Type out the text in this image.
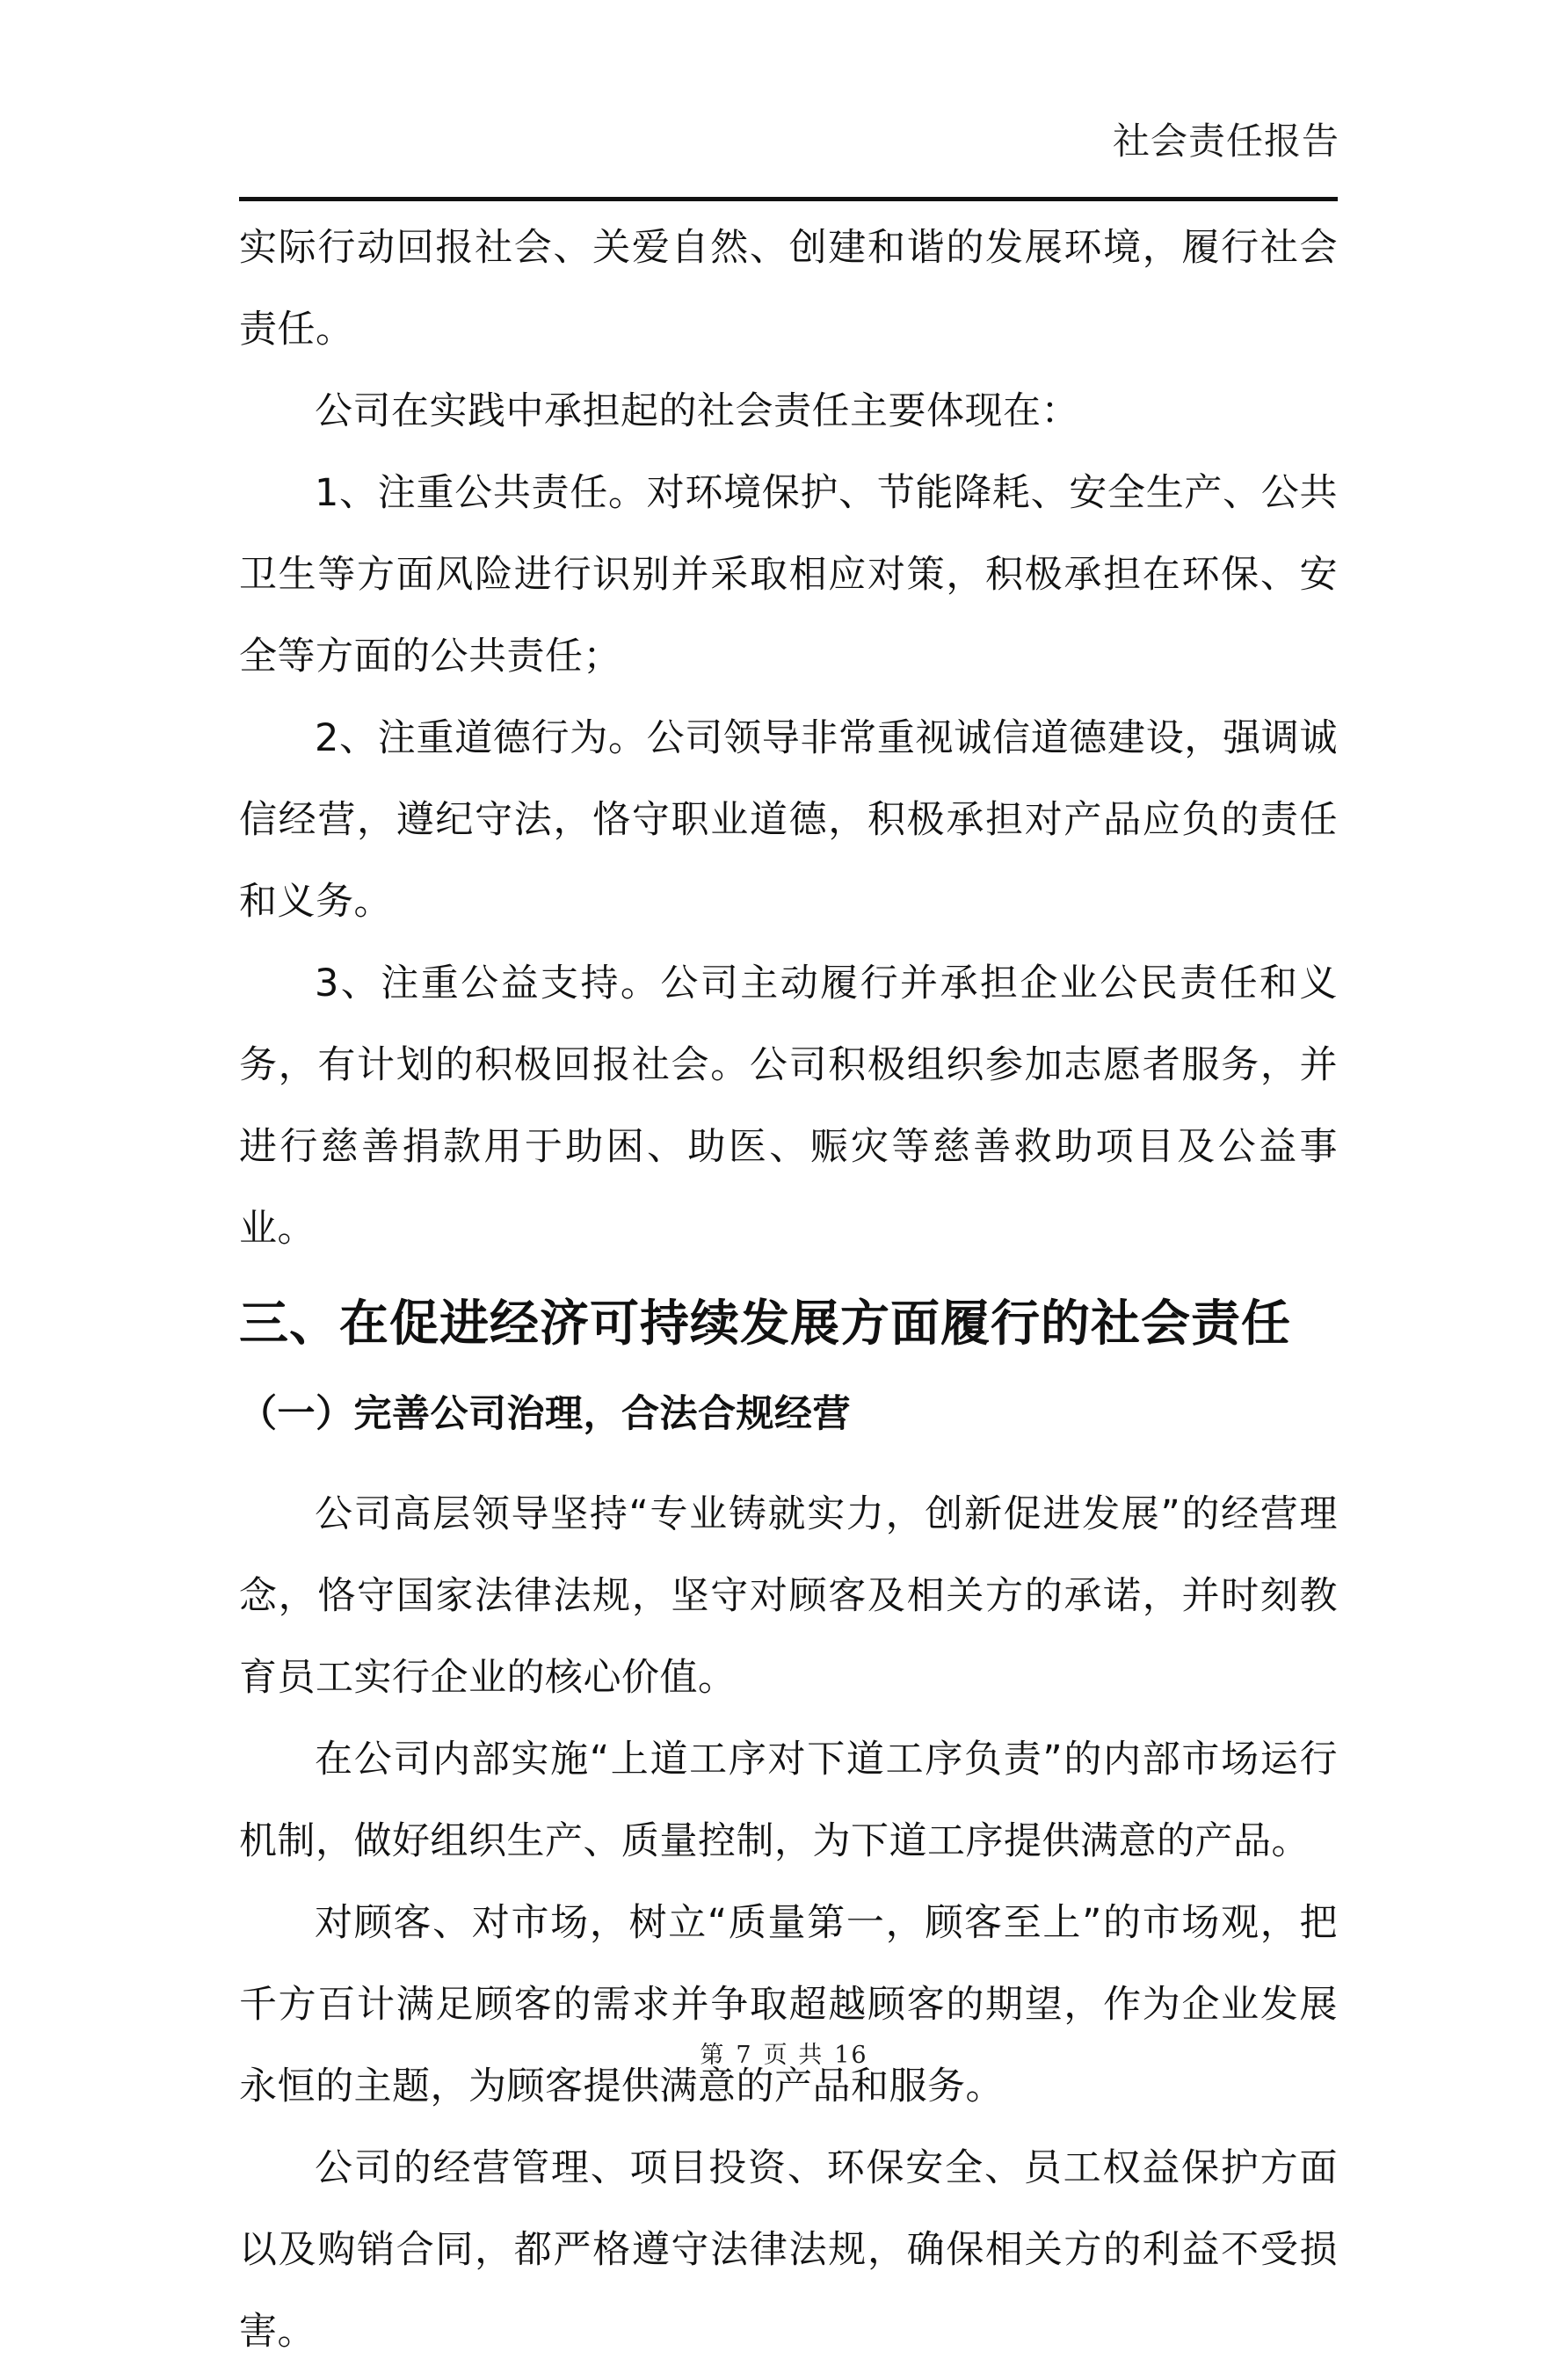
社会责任报告

实际行动回报社会、关爱自然、创建和谐的发展环境，履行社会责任。

公司在实践中承担起的社会责任主要体现在：

1、注重公共责任。对环境保护、节能降耗、安全生产、公共卫生等方面风险进行识别并采取相应对策，积极承担在环保、安全等方面的公共责任；

2、注重道德行为。公司领导非常重视诚信道德建设，强调诚信经营，遵纪守法，恪守职业道德，积极承担对产品应负的责任和义务。

3、注重公益支持。公司主动履行并承担企业公民责任和义务，有计划的积极回报社会。公司积极组织参加志愿者服务，并进行慈善捐款用于助困、助医、赈灾等慈善救助项目及公益事业。

三、在促进经济可持续发展方面履行的社会责任
（一）完善公司治理，合法合规经营

公司高层领导坚持“专业铸就实力，创新促进发展”的经营理念，恪守国家法律法规，坚守对顾客及相关方的承诺，并时刻教育员工实行企业的核心价值。

在公司内部实施“上道工序对下道工序负责”的内部市场运行机制，做好组织生产、质量控制，为下道工序提供满意的产品。

对顾客、对市场，树立“质量第一，顾客至上”的市场观，把千方百计满足顾客的需求并争取超越顾客的期望，作为企业发展永恒的主题，为顾客提供满意的产品和服务。

公司的经营管理、项目投资、环保安全、员工权益保护方面以及购销合同，都严格遵守法律法规，确保相关方的利益不受损害。

第 7 页 共 16
